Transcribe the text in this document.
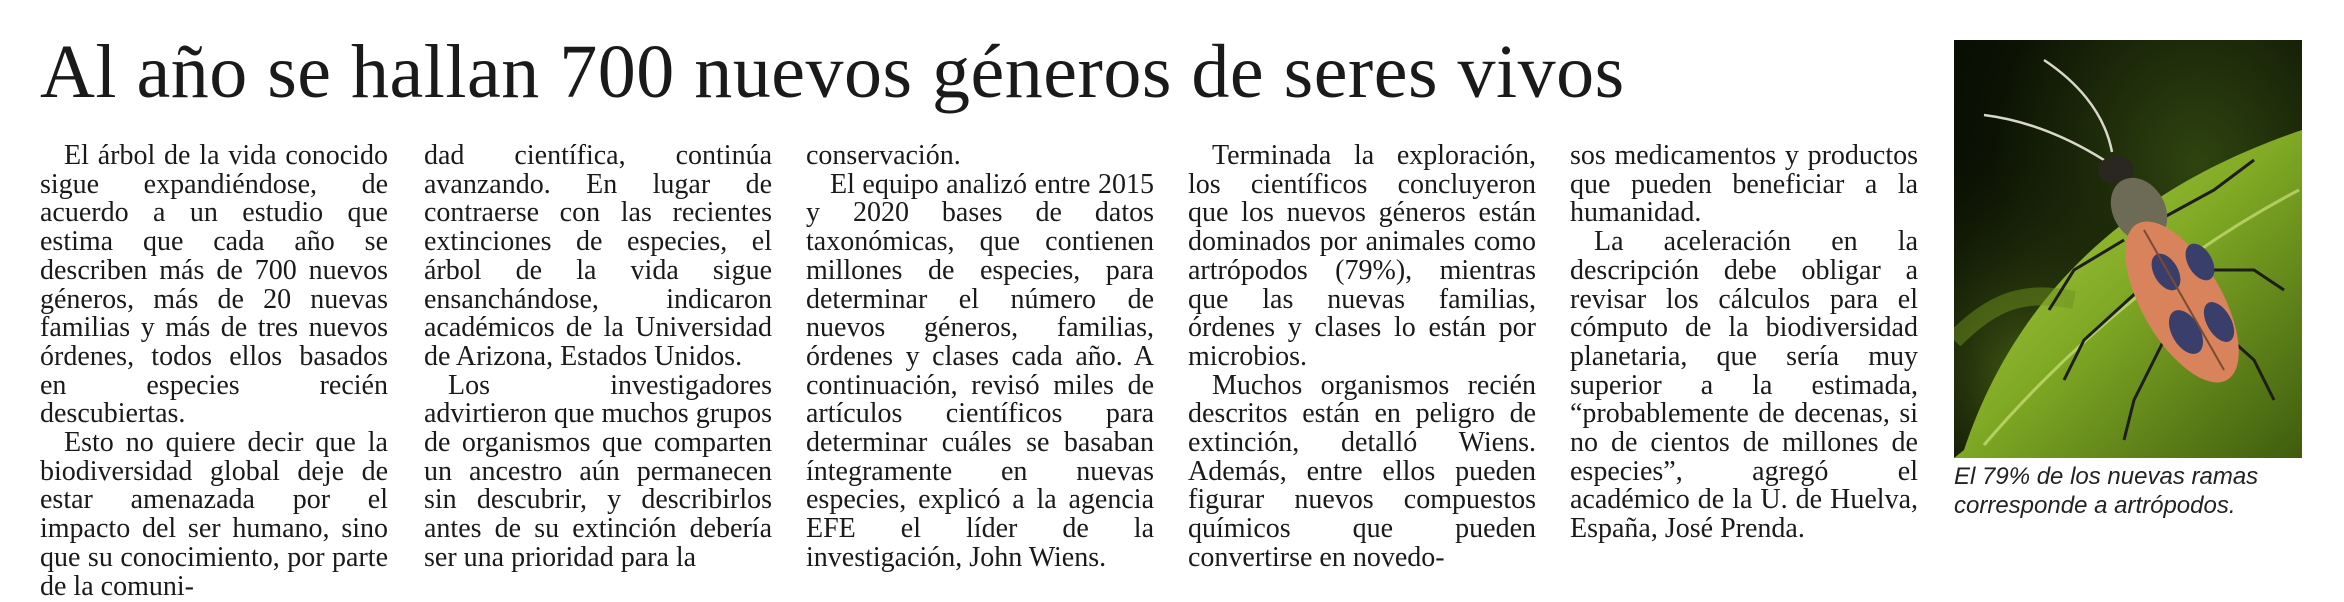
Al año se hallan 700 nuevos géneros de seres vivos

El árbol de la vida conocido sigue expandiéndose, de acuerdo a un estudio que estima que cada año se describen más de 700 nuevos géneros, más de 20 nuevas familias y más de tres nuevos órdenes, todos ellos basados en especies recién descubiertas.

Esto no quiere decir que la biodiversidad global deje de estar amenazada por el impacto del ser humano, sino que su conocimiento, por parte de la comuni-

dad científica, continúa avanzando. En lugar de contraerse con las recientes extinciones de especies, el árbol de la vida sigue ensanchándose, indicaron académicos de la Universidad de Arizona, Estados Unidos.

Los investigadores advirtieron que muchos grupos de organismos que comparten un ancestro aún permanecen sin descubrir, y describirlos antes de su extinción debería ser una prioridad para la

conservación.

El equipo analizó entre 2015 y 2020 bases de datos taxonómicas, que contienen millones de especies, para determinar el número de nuevos géneros, familias, órdenes y clases cada año. A continuación, revisó miles de artículos científicos para determinar cuáles se basaban íntegramente en nuevas especies, explicó a la agencia EFE el líder de la investigación, John Wiens.

Terminada la exploración, los científicos concluyeron que los nuevos géneros están dominados por animales como artrópodos (79%), mientras que las nuevas familias, órdenes y clases lo están por microbios.

Muchos organismos recién descritos están en peligro de extinción, detalló Wiens. Además, entre ellos pueden figurar nuevos compuestos químicos que pueden convertirse en novedo-

sos medicamentos y productos que pueden beneficiar a la humanidad.

La aceleración en la descripción debe obligar a revisar los cálculos para el cómputo de la biodiversidad planetaria, que sería muy superior a la estimada, “probablemente de decenas, si no de cientos de millones de especies”, agregó el académico de la U. de Huelva, España, José Prenda.

El 79% de los nuevas ramas corresponde a artrópodos.
